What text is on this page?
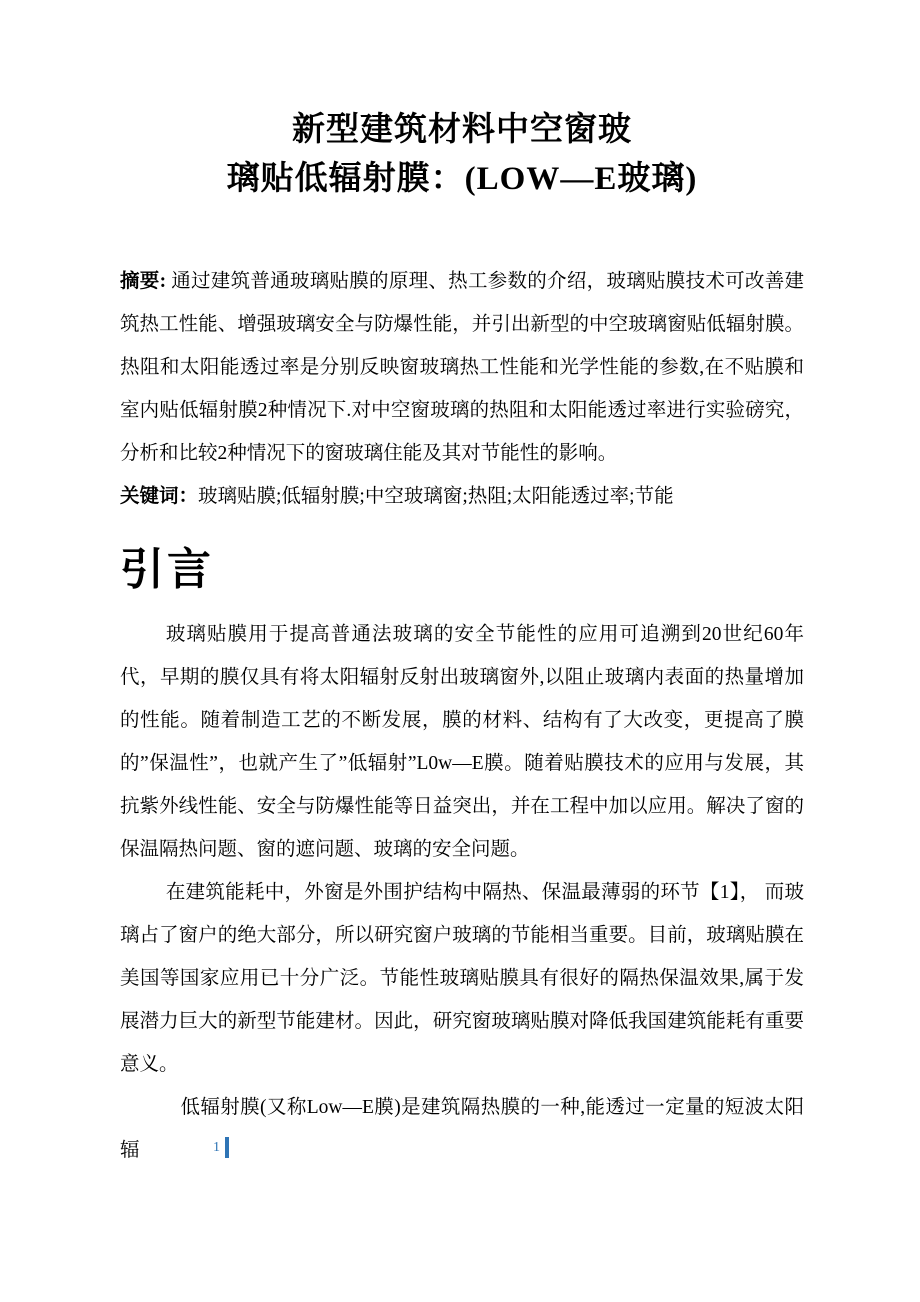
新型建筑材料中空窗玻
璃贴低辐射膜：(LOW—E玻璃)

摘要: 通过建筑普通玻璃贴膜的原理、热工参数的介绍，玻璃贴膜技术可改善建筑热工性能、增强玻璃安全与防爆性能，并引出新型的中空玻璃窗贴低辐射膜。热阻和太阳能透过率是分别反映窗玻璃热工性能和光学性能的参数,在不贴膜和室内贴低辐射膜2种情况下.对中空窗玻璃的热阻和太阳能透过率进行实验磅究，分析和比较2种情况下的窗玻璃住能及其对节能性的影响。

关键词：玻璃贴膜;低辐射膜;中空玻璃窗;热阻;太阳能透过率;节能

引言

玻璃贴膜用于提高普通法玻璃的安全节能性的应用可追溯到20世纪60年代，早期的膜仅具有将太阳辐射反射出玻璃窗外,以阻止玻璃内表面的热量增加的性能。随着制造工艺的不断发展，膜的材料、结构有了大改变，更提高了膜的”保温性”，也就产生了”低辐射”L0w—E膜。随着贴膜技术的应用与发展，其抗紫外线性能、安全与防爆性能等日益突出，并在工程中加以应用。解决了窗的保温隔热问题、窗的遮问题、玻璃的安全问题。

在建筑能耗中，外窗是外围护结构中隔热、保温最薄弱的环节【1】， 而玻璃占了窗户的绝大部分，所以研究窗户玻璃的节能相当重要。目前，玻璃贴膜在美国等国家应用已十分广泛。节能性玻璃贴膜具有很好的隔热保温效果,属于发展潜力巨大的新型节能建材。因此，研究窗玻璃贴膜对降低我国建筑能耗有重要意义。

低辐射膜(又称Low—E膜)是建筑隔热膜的一种,能透过一定量的短波太阳辐	1
